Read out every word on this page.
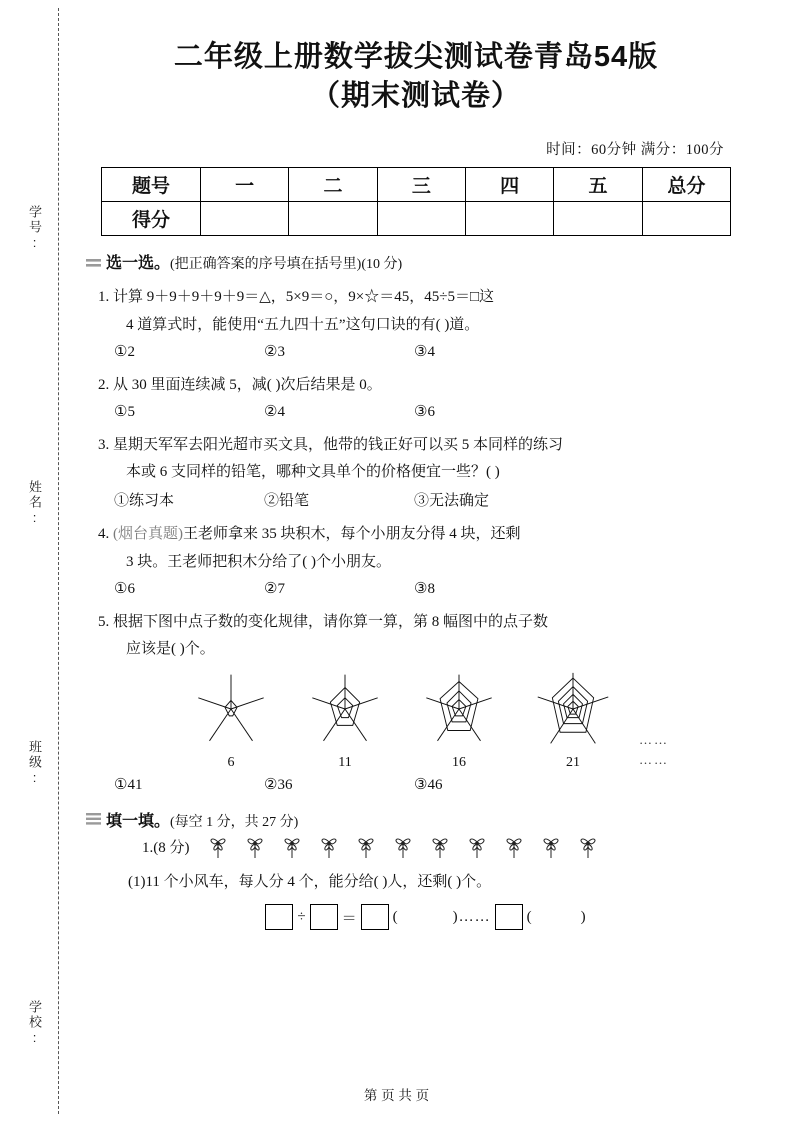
学号:
姓名:
班级:
学校:
二年级上册数学拔尖测试卷青岛54版
（期末测试卷）
时间：60分钟 满分：100分
题号	一	二	三	四	五	总分
得分						
选一选。 (把正确答案的序号填在括号里)(10 分)
1. 计算 9＋9＋9＋9＋9＝△，5×9＝○，9×☆＝45，45÷5＝□这
4 道算式时，能使用“五九四十五”这句口诀的有( )道。
①2	②3	③4
2. 从 30 里面连续减 5，减( )次后结果是 0。
①5	②4	③6
3. 星期天军军去阳光超市买文具，他带的钱正好可以买 5 本同样的练习
本或 6 支同样的铅笔，哪种文具单个的价格便宜一些？( )
①练习本	②铅笔	③无法确定
4. (烟台真题)王老师拿来 35 块积木，每个小朋友分得 4 块，还剩
3 块。王老师把积木分给了( )个小朋友。
①6	②7	③8
5. 根据下图中点子数的变化规律，请你算一算，第 8 幅图中的点子数
应该是( )个。
6	11	16	21
……
……
①41	②36	③46
填一填。 (每空 1 分，共 27 分)
1.(8 分)
(1)11 个小风车，每人分 4 个，能分给( )人，还剩( )个。
÷ ＝ (	)…… (	)
第 页 共 页
